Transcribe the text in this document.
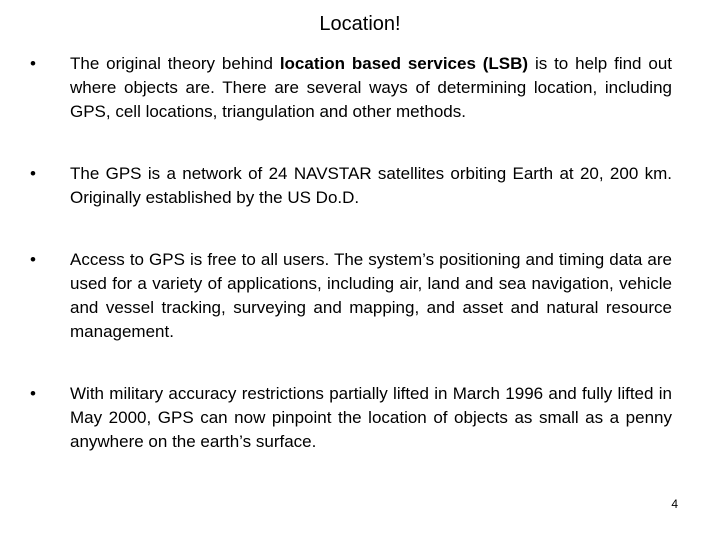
Location!
•	The original theory behind location based services (LSB) is to help find out where objects are. There are several ways of determining location, including GPS, cell locations, triangulation and other methods.
•	The GPS is a network of 24 NAVSTAR satellites orbiting Earth at 20, 200 km. Originally established by the US Do.D.
•	Access to GPS is free to all users. The system’s positioning and timing data are used for a variety of applications, including air, land and sea navigation, vehicle and vessel tracking, surveying and mapping, and asset and natural resource management.
•	With military accuracy restrictions partially lifted in March 1996 and fully lifted in May 2000, GPS can now pinpoint the location of objects as small as a penny anywhere on the earth’s surface.
4
